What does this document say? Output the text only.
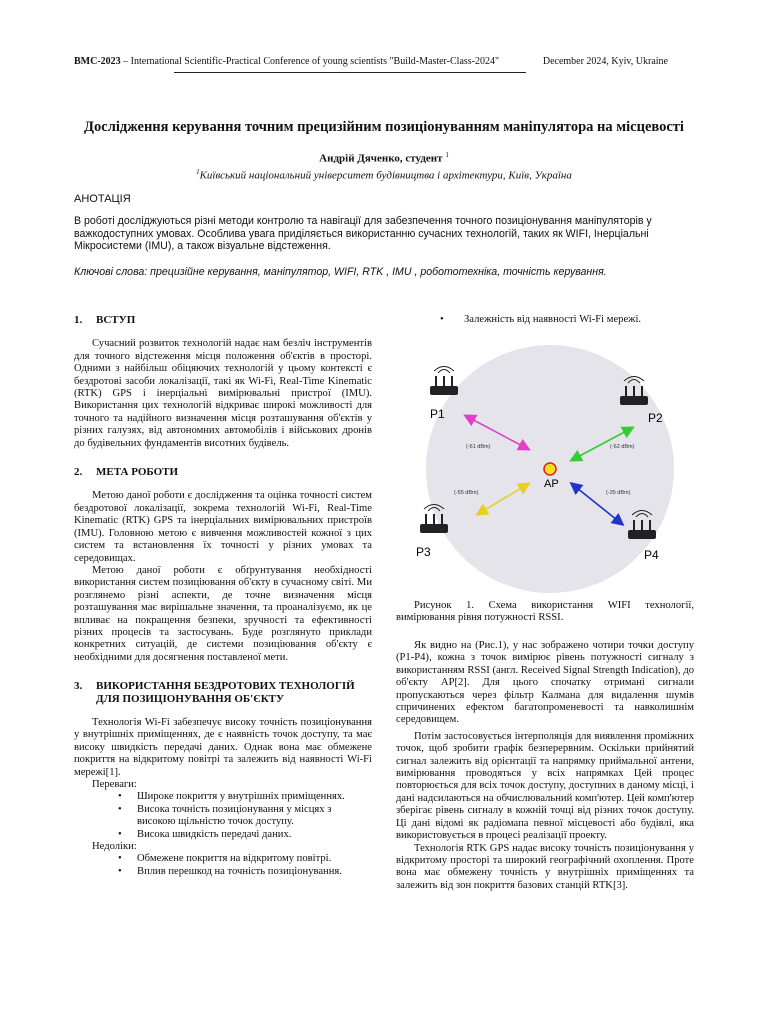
BMC-2023 – International Scientific-Practical Conference of young scientists "Build-Master-Class-2024"	December 2024, Kyiv, Ukraine
Дослідження керування точним прецизійним позиціонуванням маніпулятора на місцевості
Андрій Дяченко, студент $^1$
$^1$Київський національний університет будівництва і архітектури, Київ, Україна
АНОТАЦІЯ
В роботі досліджуються різні методи контролю та навігації для забезпечення точного позиціонування маніпуляторів у важкодоступних умовах. Особлива увага приділяється використанню сучасних технологій, таких як WIFI, Інерціальні Мікросистеми (IMU), а також візуальне відстеження.
Ключові слова: прецизійне керування, маніпулятор, WIFI, RTK , IMU , робототехніка, точність керування.
1. ВСТУП

Сучасний розвиток технологій надає нам безліч інструментів для точного відстеження місця положення об'єктів в просторі. Одними з найбільш обіцяючих технологій у цьому контексті є бездротові засоби локалізації, такі як Wi-Fi, Real-Time Kinematic (RTK) GPS і інерціальні вимірювальні пристрої (IMU). Використання цих технологій відкриває широкі можливості для точного та надійного визначення місця розташування об'єктів у різних галузях, від автономних автомобілів і військових дронів до будівельних фундаментів висотних будівель.

2. МЕТА РОБОТИ

Метою даної роботи є дослідження та оцінка точності систем бездротової локалізації, зокрема технологій Wi-Fi, Real-Time Kinematic (RTK) GPS та інерціальних вимірювальних пристроїв (IMU). Головною метою є вивчення можливостей кожної з цих систем та встановлення їх точності у різних умовах та середовищах.

Метою даної роботи є обґрунтування необхідності використання систем позиціювання об'єкту в сучасному світі. Ми розглянемо різні аспекти, де точне визначення місця розташування має вирішальне значення, та проаналізуємо, як це впливає на покращення безпеки, зручності та ефективності різних процесів та застосувань. Буде розглянуто приклади конкретних ситуацій, де системи позиціювання об'єкту є необхідними для досягнення поставленої мети.

3. ВИКОРИСТАННЯ БЕЗДРОТОВИХ ТЕХНОЛОГІЙ
ДЛЯ ПОЗИЦІОНУВАННЯ ОБ'ЄКТУ

Технологія Wi-Fi забезпечує високу точність позиціонування у внутрішніх приміщеннях, де є наявність точок доступу, та має високу швидкість передачі даних. Однак вона має обмежене покриття на відкритому повітрі та залежить від наявності Wi-Fi мережі[1].

Переваги:
• Широке покриття у внутрішніх приміщеннях.
• Висока точність позиціонування у місцях з високою щільністю точок доступу.
• Висока швидкість передачі даних.
Недоліки:
• Обмежене покриття на відкритому повітрі.
• Вплив перешкод на точність позиціонування.
• Залежність від наявності Wi-Fi мережі.
P1
(-61 dBm)
P2
(-62 dBm)
P3
(-55 dBm)
P4
(-35 dBm)
AP
Рисунок 1. Схема використання WIFI технології, вимірювання рівня потужності RSSI.

Як видно на (Рис.1), у нас зображено чотири точки доступу (P1-P4), кожна з точок вимірює рівень потужності сигналу з використанням RSSI (англ. Received Signal Strength Indication), до об'єкту AP[2]. Для цього спочатку отримані сигнали пропускаються через фільтр Калмана для видалення шумів спричинених ефектом багатопроменевості та навколишнім середовищем.

Потім застосовується інтерполяція для виявлення проміжних точок, щоб зробити графік безперервним. Оскільки прийнятий сигнал залежить від орієнтації та напрямку приймальної антени, вимірювання проводяться у всіх напрямках Цей процес повторюється для всіх точок доступу, доступних в даному місці, і дані надсилаються на обчислювальний комп'ютер. Цей комп'ютер зберігає рівень сигналу в кожній точці від різних точок доступу. Ці дані відомі як радіомапа певної місцевості або будівлі, яка використовується в процесі реалізації проекту.

Технологія RTK GPS надає високу точність позиціонування у відкритому просторі та широкий географічний охоплення. Проте вона має обмежену точність у внутрішніх приміщеннях та залежить від зон покриття базових станцій RTK[3].
